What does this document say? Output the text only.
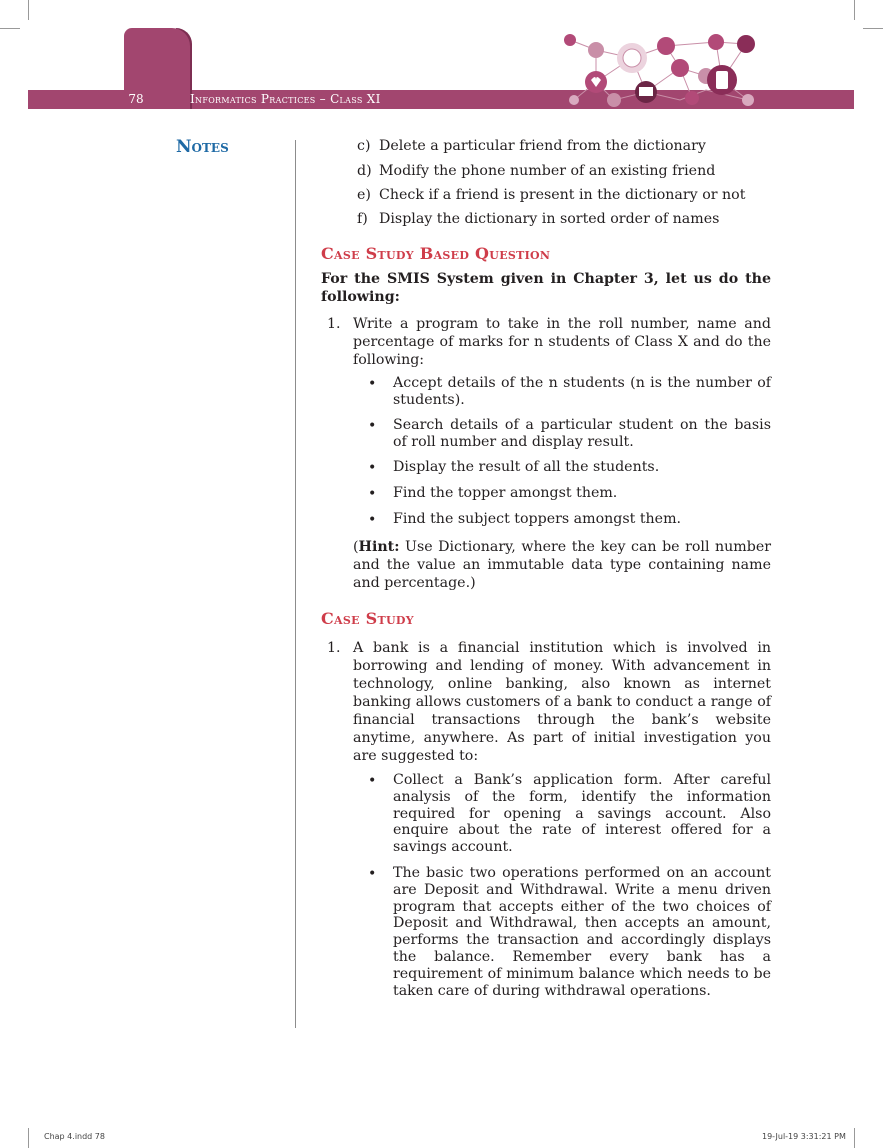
78	Informatics Practices – Class XI
Notes	c) Delete a particular friend from the dictionary
d) Modify the phone number of an existing friend
e) Check if a friend is present in the dictionary or not
f) Display the dictionary in sorted order of names
Case Study Based Question
For the SMIS System given in Chapter 3, let us do the following:
1. Write a program to take in the roll number, name and percentage of marks for n students of Class X and do the following:
• Accept details of the n students (n is the number of students).
• Search details of a particular student on the basis of roll number and display result.
• Display the result of all the students.
• Find the topper amongst them.
• Find the subject toppers amongst them.
(Hint: Use Dictionary, where the key can be roll number and the value an immutable data type containing name and percentage.)
Case Study
1. A bank is a financial institution which is involved in borrowing and lending of money. With advancement in technology, online banking, also known as internet banking allows customers of a bank to conduct a range of financial transactions through the bank’s website anytime, anywhere. As part of initial investigation you are suggested to:
• Collect a Bank’s application form. After careful analysis of the form, identify the information required for opening a savings account. Also enquire about the rate of interest offered for a savings account.
• The basic two operations performed on an account are Deposit and Withdrawal. Write a menu driven program that accepts either of the two choices of Deposit and Withdrawal, then accepts an amount, performs the transaction and accordingly displays the balance. Remember every bank has a requirement of minimum balance which needs to be taken care of during withdrawal operations.
Chap 4.indd 78	19-Jul-19 3:31:21 PM
